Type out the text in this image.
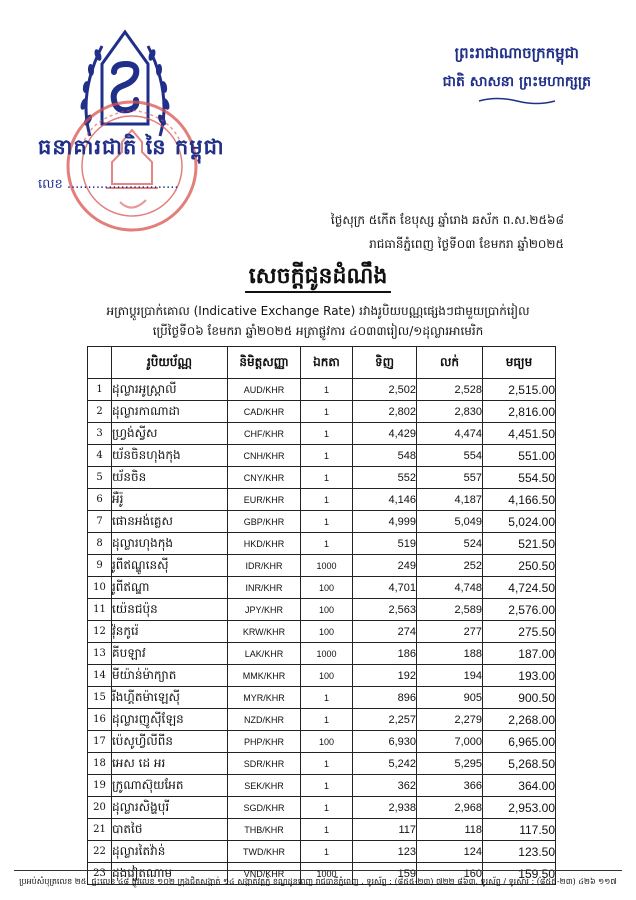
ធនាគារជាតិ នៃ កម្ពុជា
លេខ ...........................
ព្រះរាជាណាចក្រកម្ពុជា
ជាតិ សាសនា ព្រះមហាក្សត្រ
ថ្ងៃសុក្រ ៥កើត ខែបុស្ស ឆ្នាំរោង ឆស័ក ព.ស.២៥៦៨
រាជធានីភ្នំពេញ ថ្ងៃទី០៣ ខែមករា ឆ្នាំ២០២៥
សេចក្តីជូនដំណឹង
អត្រាប្តូរប្រាក់គោល (Indicative Exchange Rate) រវាងរូបិយបណ្ណផ្សេងៗជាមួយប្រាក់រៀល
ប្រើថ្ងៃទី០៦ ខែមករា ឆ្នាំ២០២៥ អត្រាផ្លូវការ ៤០៣៣រៀល/១ដុល្លារអាមេរិក
	រូបិយប័ណ្ណ	និមិត្តសញ្ញា	ឯកតា	ទិញ	លក់	មធ្យម
1	ដុល្លារអូស្ត្រាលី	AUD/KHR	1	2,502	2,528	2,515.00
2	ដុល្លារកាណាដា	CAD/KHR	1	2,802	2,830	2,816.00
3	ហ្វ្រង់ស្វីស	CHF/KHR	1	4,429	4,474	4,451.50
4	យ័នចិនហុងកុង	CNH/KHR	1	548	554	551.00
5	យ័នចិន	CNY/KHR	1	552	557	554.50
6	អឺរ៉ូ	EUR/KHR	1	4,146	4,187	4,166.50
7	ផោនអង់គ្លេស	GBP/KHR	1	4,999	5,049	5,024.00
8	ដុល្លារហុងកុង	HKD/KHR	1	519	524	521.50
9	រូពីឥណ្ឌូនេស៊ី	IDR/KHR	1000	249	252	250.50
10	រូពីឥណ្ឌា	INR/KHR	100	4,701	4,748	4,724.50
11	យ៉េនជប៉ុន	JPY/KHR	100	2,563	2,589	2,576.00
12	វ៉ុនកូរ៉េ	KRW/KHR	100	274	277	275.50
13	គីបឡាវ	LAK/KHR	1000	186	188	187.00
14	មីយ៉ាន់ម៉ាក្យាត	MMK/KHR	100	192	194	193.00
15	រីងហ្គីតម៉ាឡេស៊ី	MYR/KHR	1	896	905	900.50
16	ដុល្លារញូស៊ីឡែន	NZD/KHR	1	2,257	2,279	2,268.00
17	ប៉េសូហ្វីលីពីន	PHP/KHR	100	6,930	7,000	6,965.00
18	អេស ដេ អរ	SDR/KHR	1	5,242	5,295	5,268.50
19	ក្រូណាស៊ុយអែត	SEK/KHR	1	362	366	364.00
20	ដុល្លារសិង្ហបុរី	SGD/KHR	1	2,938	2,968	2,953.00
21	បាតថៃ	THB/KHR	1	117	118	117.50
22	ដុល្លារតៃវ៉ាន់	TWD/KHR	1	123	124	123.50
23	ដុងវៀតណាម	VND/KHR	1000	159	160	159.50
ប្រអប់សំបុត្រលេខ ២៥, ផ្ទះលេខ ៤៨ ផ្លូវលេខ ១០២ ក្រុងជិតសង្កាត់ ១៤ សង្កាត់វត្តភ្នំ ខណ្ឌដូនពេញ រាជធានីភ្នំពេញ , ទូរស័ព្ទ : (៨៥៥-២៣) ៧២២ ៨៦៣, ទូរស័ព្ទ / ទូរសារ : (៨៥៥-២៣) ៤២៦ ១១៧
